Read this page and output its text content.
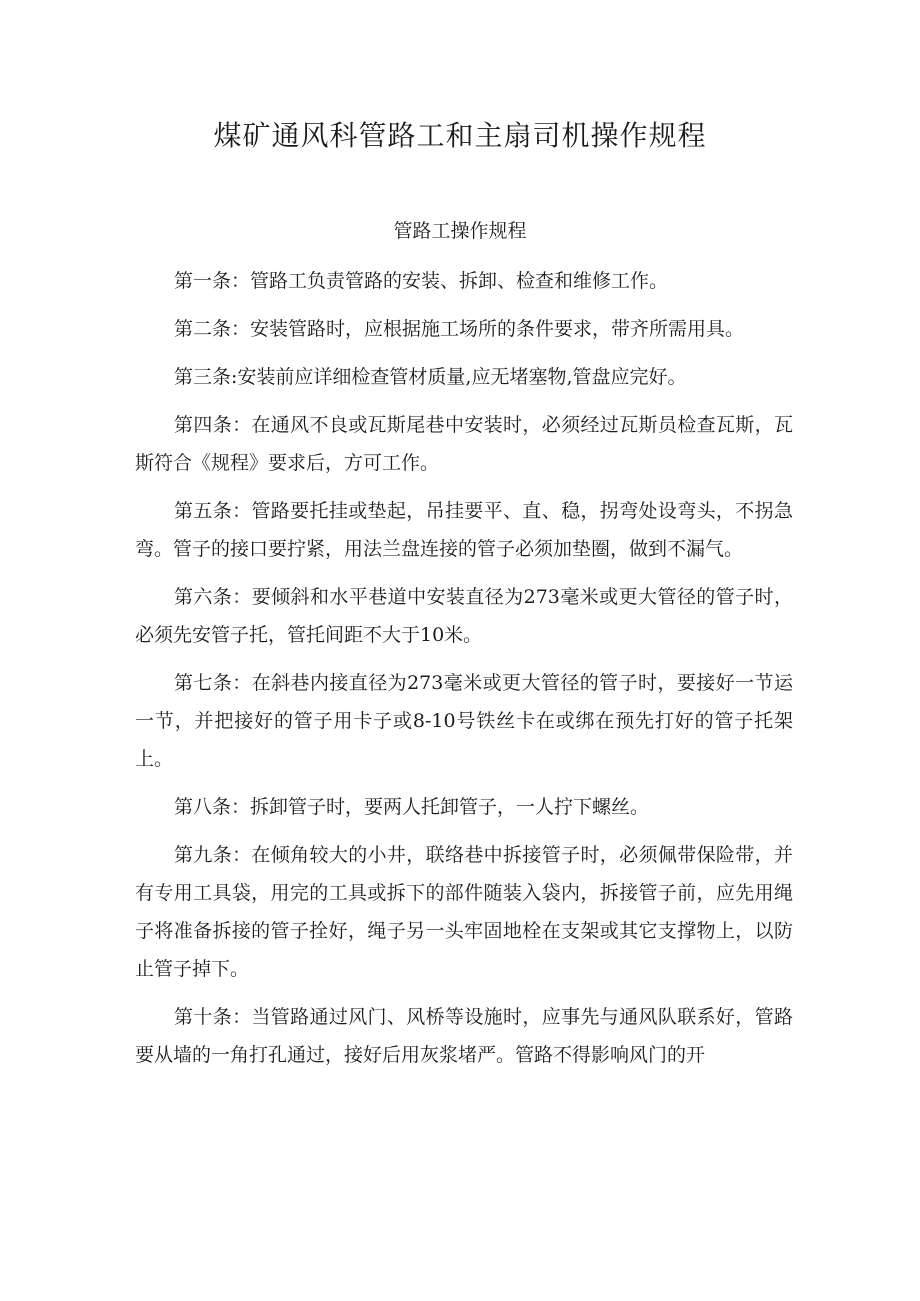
煤矿通风科管路工和主扇司机操作规程
管路工操作规程

第一条：管路工负责管路的安装、拆卸、检查和维修工作。

第二条：安装管路时，应根据施工场所的条件要求，带齐所需用具。

第三条:安装前应详细检查管材质量,应无堵塞物,管盘应完好。

第四条：在通风不良或瓦斯尾巷中安装时，必须经过瓦斯员检查瓦斯，瓦斯符合《规程》要求后，方可工作。

第五条：管路要托挂或垫起，吊挂要平、直、稳，拐弯处设弯头，不拐急弯。管子的接口要拧紧，用法兰盘连接的管子必须加垫圈，做到不漏气。

第六条：要倾斜和水平巷道中安装直径为273毫米或更大管径的管子时，必须先安管子托，管托间距不大于10米。

第七条：在斜巷内接直径为273毫米或更大管径的管子时，要接好一节运一节，并把接好的管子用卡子或8-10号铁丝卡在或绑在预先打好的管子托架上。

第八条：拆卸管子时，要两人托卸管子，一人拧下螺丝。

第九条：在倾角较大的小井，联络巷中拆接管子时，必须佩带保险带，并有专用工具袋，用完的工具或拆下的部件随装入袋内，拆接管子前，应先用绳子将准备拆接的管子拴好，绳子另一头牢固地栓在支架或其它支撑物上，以防止管子掉下。

第十条：当管路通过风门、风桥等设施时，应事先与通风队联系好，管路要从墙的一角打孔通过，接好后用灰浆堵严。管路不得影响风门的开
